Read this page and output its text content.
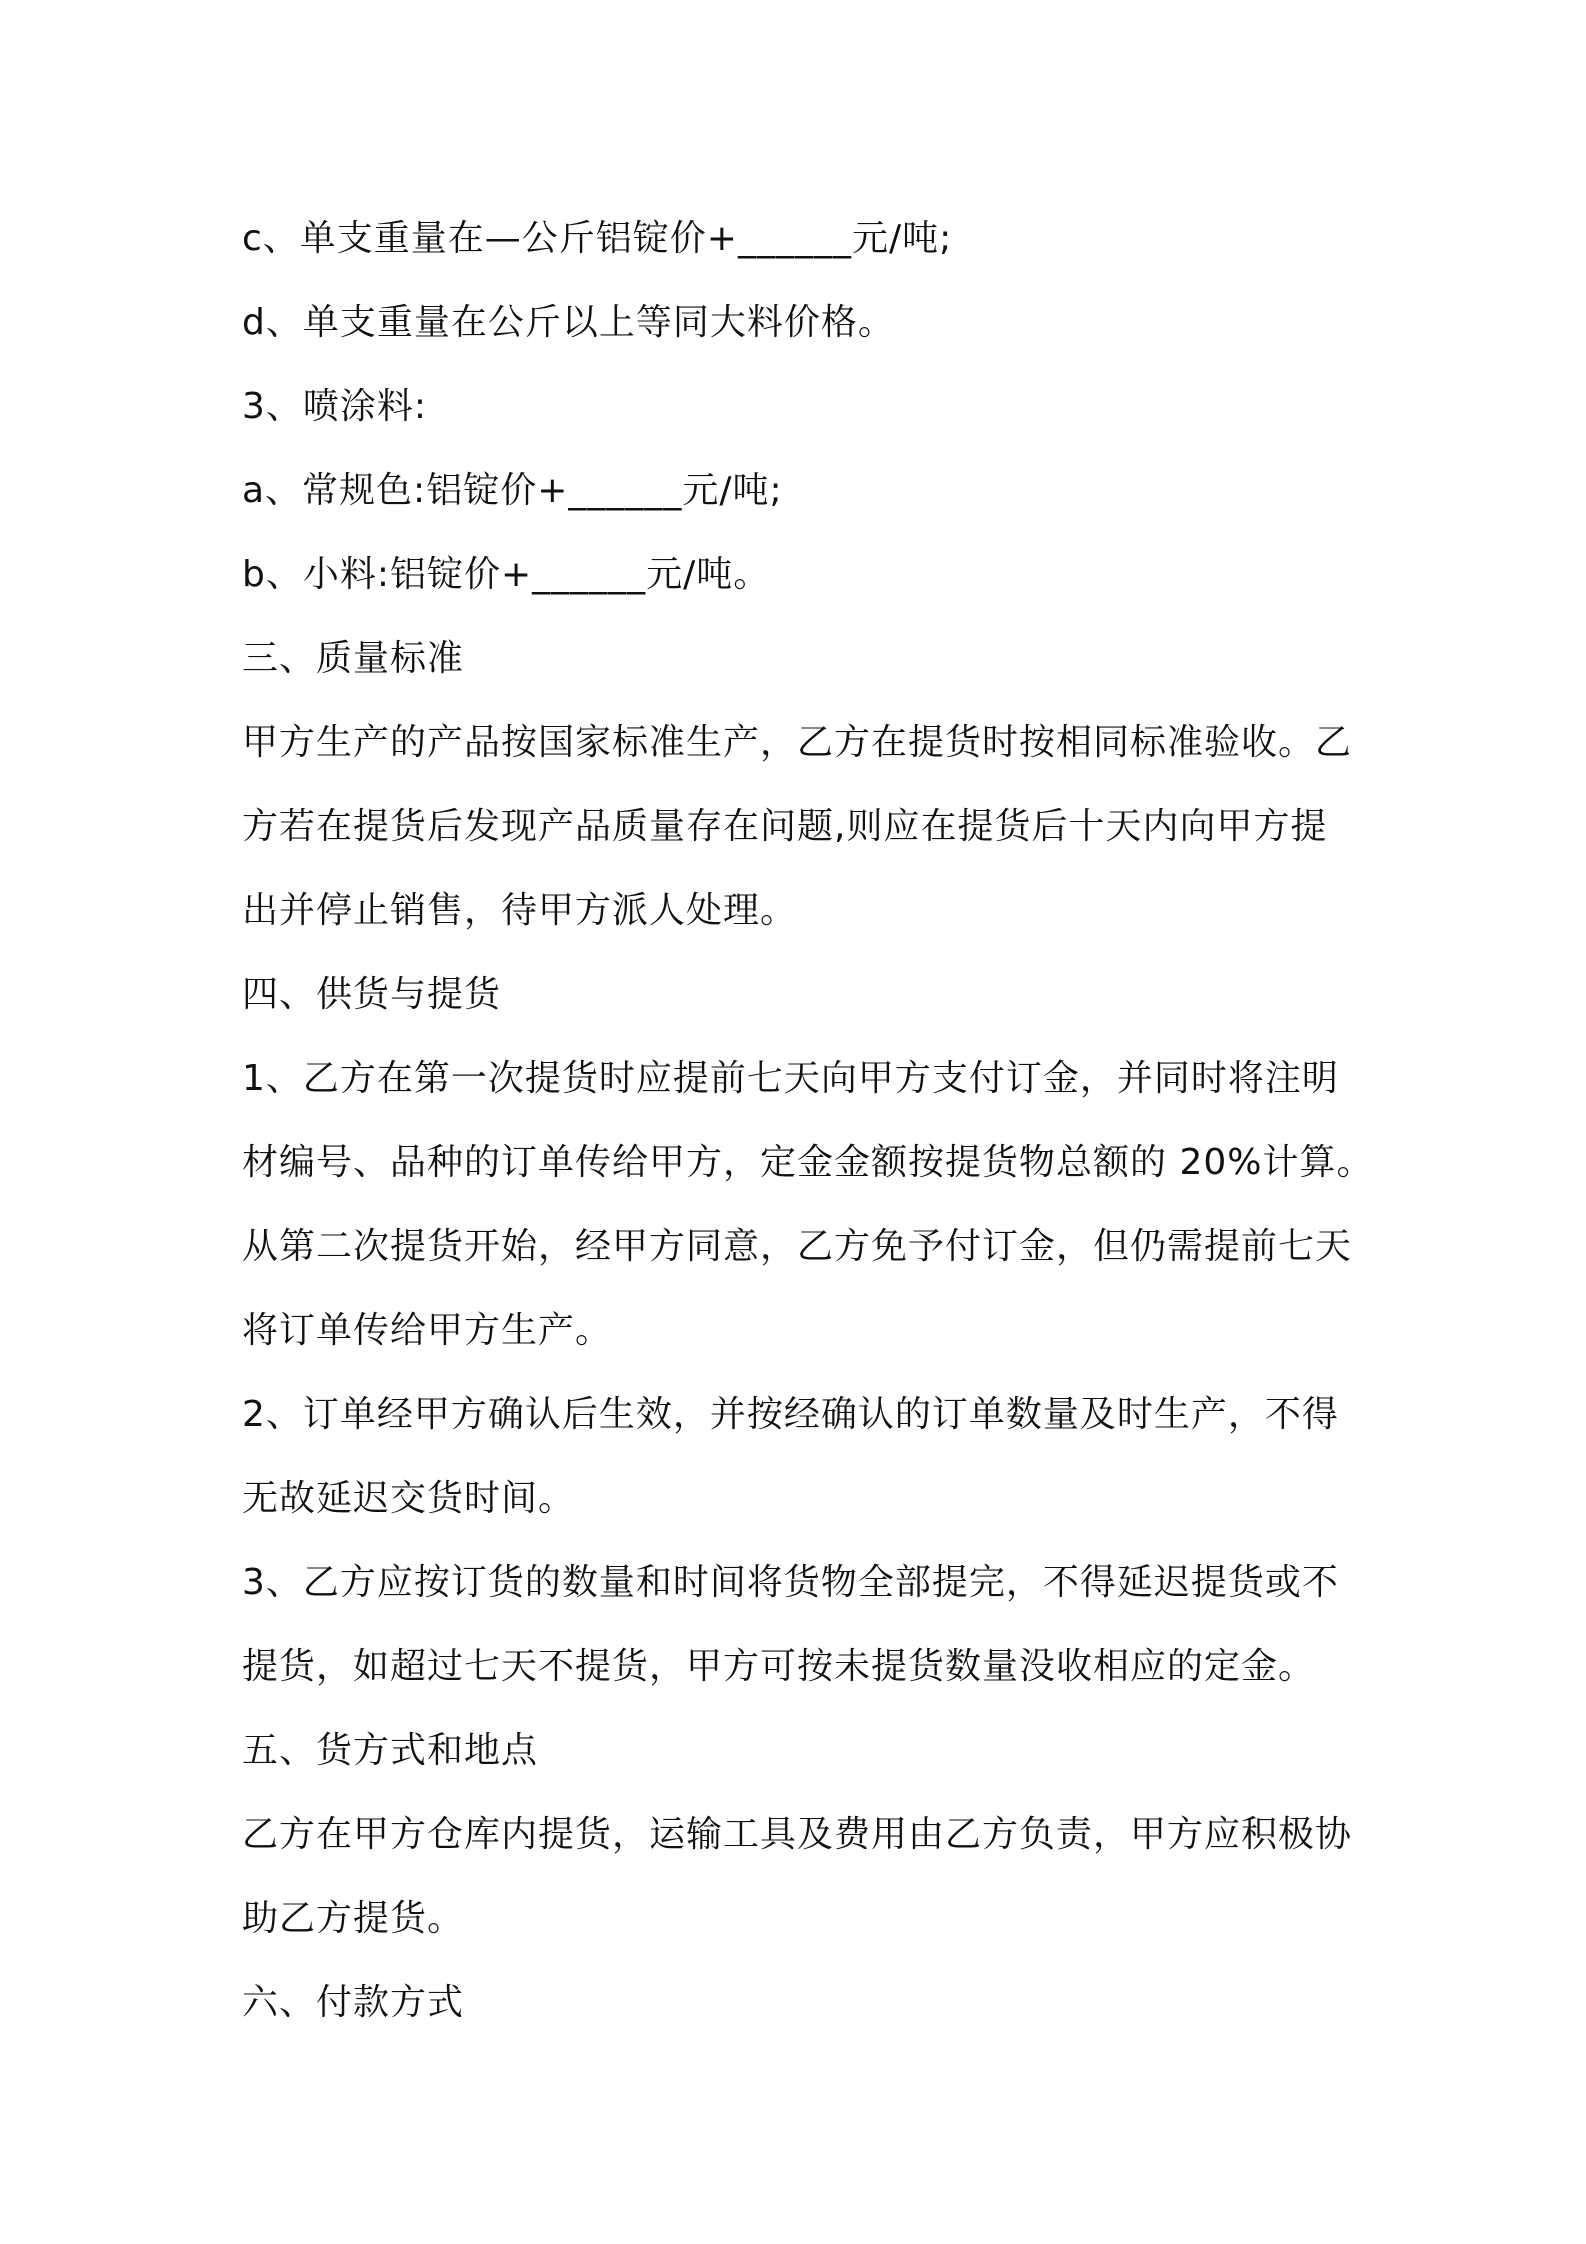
c、单支重量在—公斤铝锭价+______元/吨;
d、单支重量在公斤以上等同大料价格。
3、喷涂料:
a、常规色:铝锭价+______元/吨;
b、小料:铝锭价+______元/吨。
三、质量标准
甲方生产的产品按国家标准生产，乙方在提货时按相同标准验收。乙
方若在提货后发现产品质量存在问题,则应在提货后十天内向甲方提
出并停止销售，待甲方派人处理。
四、供货与提货
1、乙方在第一次提货时应提前七天向甲方支付订金，并同时将注明
材编号、品种的订单传给甲方，定金金额按提货物总额的 20%计算。
从第二次提货开始，经甲方同意，乙方免予付订金，但仍需提前七天
将订单传给甲方生产。
2、订单经甲方确认后生效，并按经确认的订单数量及时生产，不得
无故延迟交货时间。
3、乙方应按订货的数量和时间将货物全部提完，不得延迟提货或不
提货，如超过七天不提货，甲方可按未提货数量没收相应的定金。
五、货方式和地点
乙方在甲方仓库内提货，运输工具及费用由乙方负责，甲方应积极协
助乙方提货。
六、付款方式
